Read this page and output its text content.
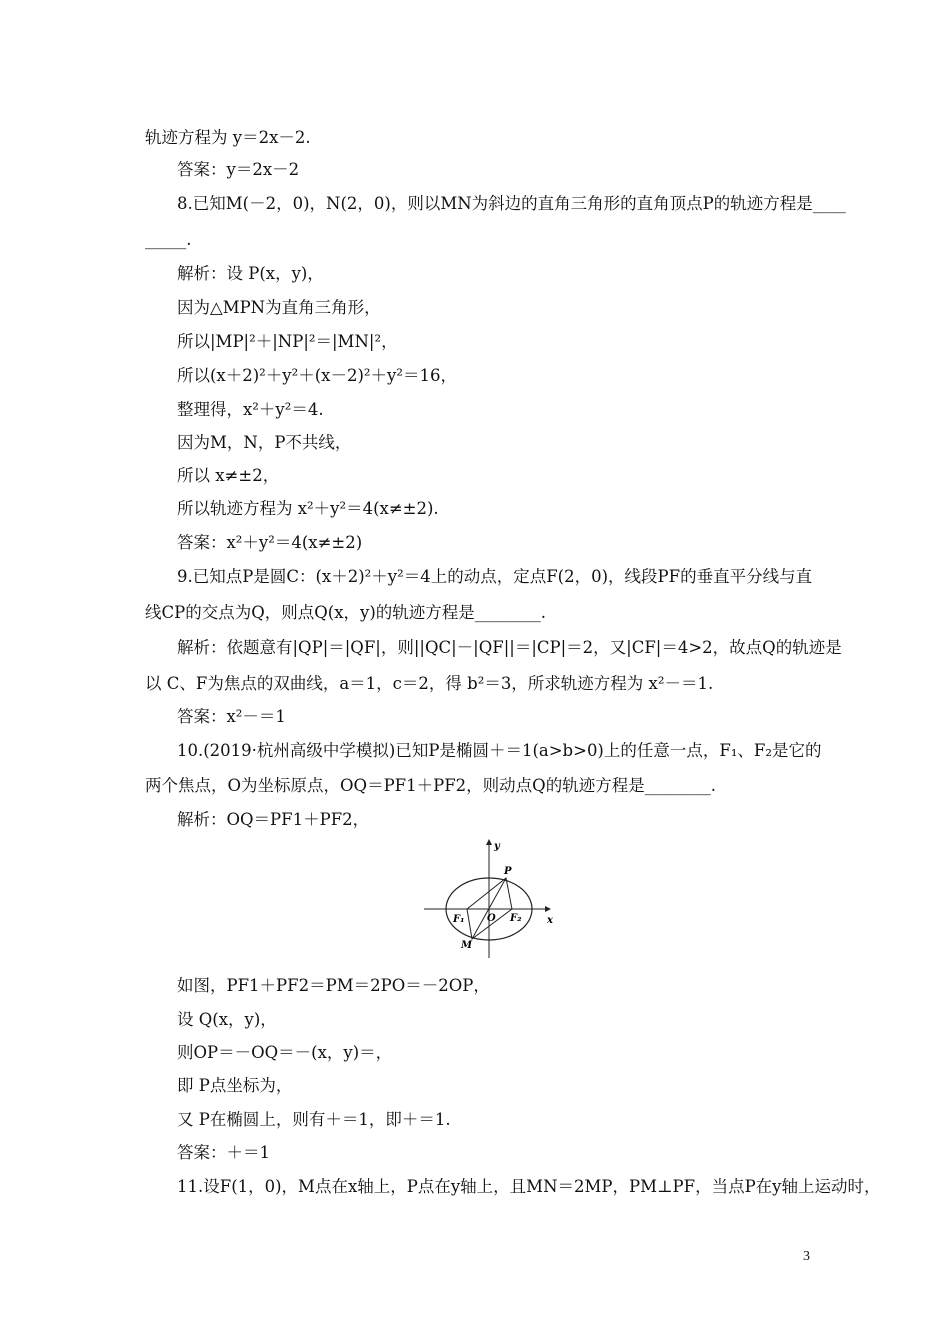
轨迹方程为 y＝2x－2.
答案：y＝2x－2
8.已知M(－2，0)，N(2，0)，则以MN为斜边的直角三角形的直角顶点P的轨迹方程是____
_____.
解析：设 P(x，y)，
因为△MPN为直角三角形，
所以|MP|²＋|NP|²＝|MN|²，
所以(x＋2)²＋y²＋(x－2)²＋y²＝16，
整理得，x²＋y²＝4.
因为M，N，P不共线，
所以 x≠±2，
所以轨迹方程为 x²＋y²＝4(x≠±2).
答案：x²＋y²＝4(x≠±2)
9.已知点P是圆C：(x＋2)²＋y²＝4上的动点，定点F(2，0)，线段PF的垂直平分线与直
线CP的交点为Q，则点Q(x，y)的轨迹方程是________.
解析：依题意有|QP|＝|QF|，则||QC|－|QF||＝|CP|＝2，又|CF|＝4>2，故点Q的轨迹是
以 C、F为焦点的双曲线，a＝1，c＝2，得 b²＝3，所求轨迹方程为 x²－＝1.
答案：x²－＝1
10.(2019·杭州高级中学模拟)已知P是椭圆＋＝1(a>b>0)上的任意一点，F₁、F₂是它的
两个焦点，O为坐标原点，OQ＝PF1＋PF2，则动点Q的轨迹方程是________.
解析：OQ＝PF1＋PF2，
y
x
P
O
F₁	F₂
M
如图，PF1＋PF2＝PM＝2PO＝－2OP，
设 Q(x，y)，
则OP＝－OQ＝－(x，y)＝，
即 P点坐标为，
又 P在椭圆上，则有＋＝1，即＋＝1.
答案：＋＝1
11.设F(1，0)，M点在x轴上，P点在y轴上，且MN＝2MP，PM⊥PF，当点P在y轴上运动时，
3
